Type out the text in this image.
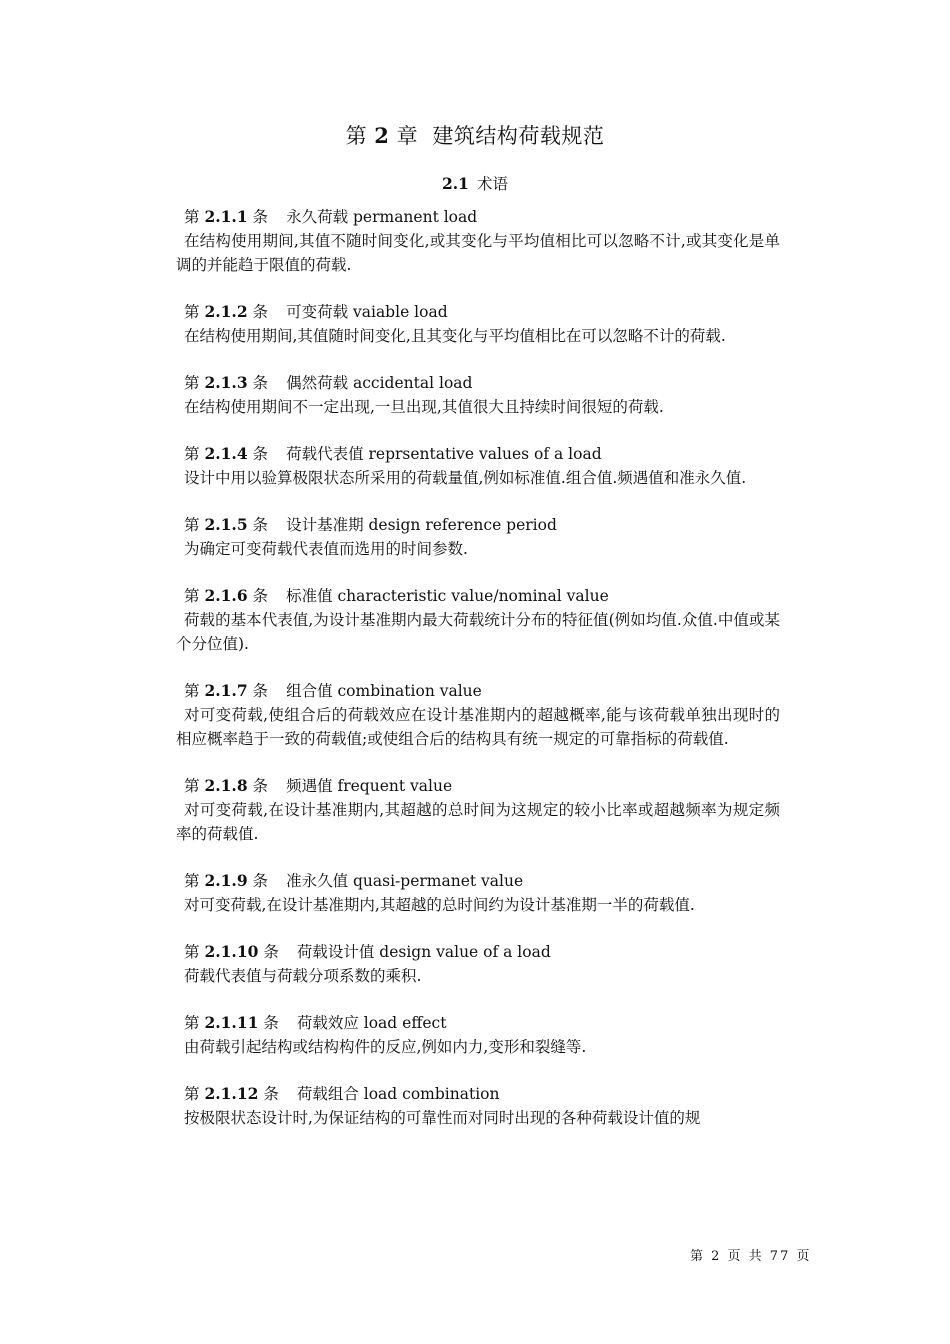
第 2 章 建筑结构荷载规范
2.1 术语
第 2.1.1 条 永久荷载 permanent load
在结构使用期间,其值不随时间变化,或其变化与平均值相比可以忽略不计,或其变化是单调的并能趋于限值的荷载.
第 2.1.2 条 可变荷载 vaiable load
在结构使用期间,其值随时间变化,且其变化与平均值相比在可以忽略不计的荷载.
第 2.1.3 条 偶然荷载 accidental load
在结构使用期间不一定出现,一旦出现,其值很大且持续时间很短的荷载.
第 2.1.4 条 荷载代表值 reprsentative values of a load
设计中用以验算极限状态所采用的荷载量值,例如标准值.组合值.频遇值和准永久值.
第 2.1.5 条 设计基准期 design reference period
为确定可变荷载代表值而选用的时间参数.
第 2.1.6 条 标准值 characteristic value/nominal value
荷载的基本代表值,为设计基准期内最大荷载统计分布的特征值(例如均值.众值.中值或某个分位值).
第 2.1.7 条 组合值 combination value
对可变荷载,使组合后的荷载效应在设计基准期内的超越概率,能与该荷载单独出现时的相应概率趋于一致的荷载值;或使组合后的结构具有统一规定的可靠指标的荷载值.
第 2.1.8 条 频遇值 frequent value
对可变荷载,在设计基准期内,其超越的总时间为这规定的较小比率或超越频率为规定频率的荷载值.
第 2.1.9 条 准永久值 quasi-permanet value
对可变荷载,在设计基准期内,其超越的总时间约为设计基准期一半的荷载值.
第 2.1.10 条 荷载设计值 design value of a load
荷载代表值与荷载分项系数的乘积.
第 2.1.11 条 荷载效应 load effect
由荷载引起结构或结构构件的反应,例如内力,变形和裂缝等.
第 2.1.12 条 荷载组合 load combination
按极限状态设计时,为保证结构的可靠性而对同时出现的各种荷载设计值的规
第 2 页 共 77 页
